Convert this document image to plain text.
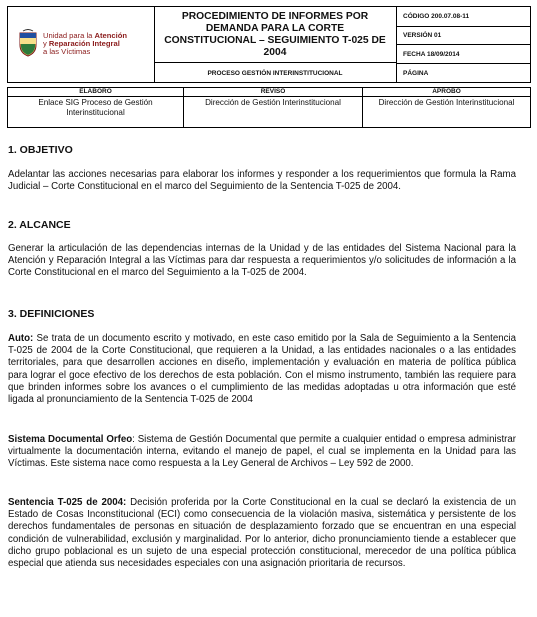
Unidad para la Atención
y Reparación Integral
a las Víctimas
PROCEDIMIENTO DE INFORMES POR DEMANDA PARA LA CORTE CONSTITUCIONAL – SEGUIMIENTO T-025 DE 2004
PROCESO GESTIÓN INTERINSTITUCIONAL
CÓDIGO 200.07.08-11
VERSIÓN 01
FECHA 18/09/2014
PÁGINA
ELABORÓ
Enlace SIG Proceso de Gestión Interinstitucional
REVISÓ
Dirección de Gestión Interinstitucional
APROBÓ
Dirección de Gestión Interinstitucional
1. OBJETIVO
Adelantar las acciones necesarias para elaborar los informes y responder a los requerimientos que formula la Rama Judicial – Corte Constitucional en el marco del Seguimiento de la Sentencia T-025 de 2004.
2. ALCANCE
Generar la articulación de las dependencias internas de la Unidad y de las entidades del Sistema Nacional para la Atención y Reparación Integral a las Víctimas para dar respuesta a requerimientos y/o solicitudes de información a la Corte Constitucional en el marco del Seguimiento a la T-025 de 2004.
3. DEFINICIONES
Auto: Se trata de un documento escrito y motivado, en este caso emitido por la Sala de Seguimiento a la Sentencia T-025 de 2004 de la Corte Constitucional, que requieren a la Unidad, a las entidades nacionales o a las entidades territoriales, para que desarrollen acciones en diseño, implementación y evaluación en materia de política pública para lograr el goce efectivo de los derechos de esta población. Con el mismo instrumento, también las requiere para que brinden informes sobre los avances o el cumplimiento de las medidas adoptadas u otra información que esté ligada al pronunciamiento de la Sentencia T-025 de 2004
Sistema Documental Orfeo: Sistema de Gestión Documental que permite a cualquier entidad o empresa administrar virtualmente la documentación interna, evitando el manejo de papel, el cual se implementa en la Unidad para las Víctimas. Este sistema nace como respuesta a la Ley General de Archivos – Ley 592 de 2000.
Sentencia T-025 de 2004: Decisión proferida por la Corte Constitucional en la cual se declaró la existencia de un Estado de Cosas Inconstitucional (ECI) como consecuencia de la violación masiva, sistemática y persistente de los derechos fundamentales de personas en situación de desplazamiento forzado que se encuentran en una especial condición de vulnerabilidad, exclusión y marginalidad. Por lo anterior, dicho pronunciamiento tiende a establecer que dicho grupo poblacional es un sujeto de una especial protección constitucional, merecedor de una política pública especial que atienda sus necesidades especiales con una asignación prioritaria de recursos.
